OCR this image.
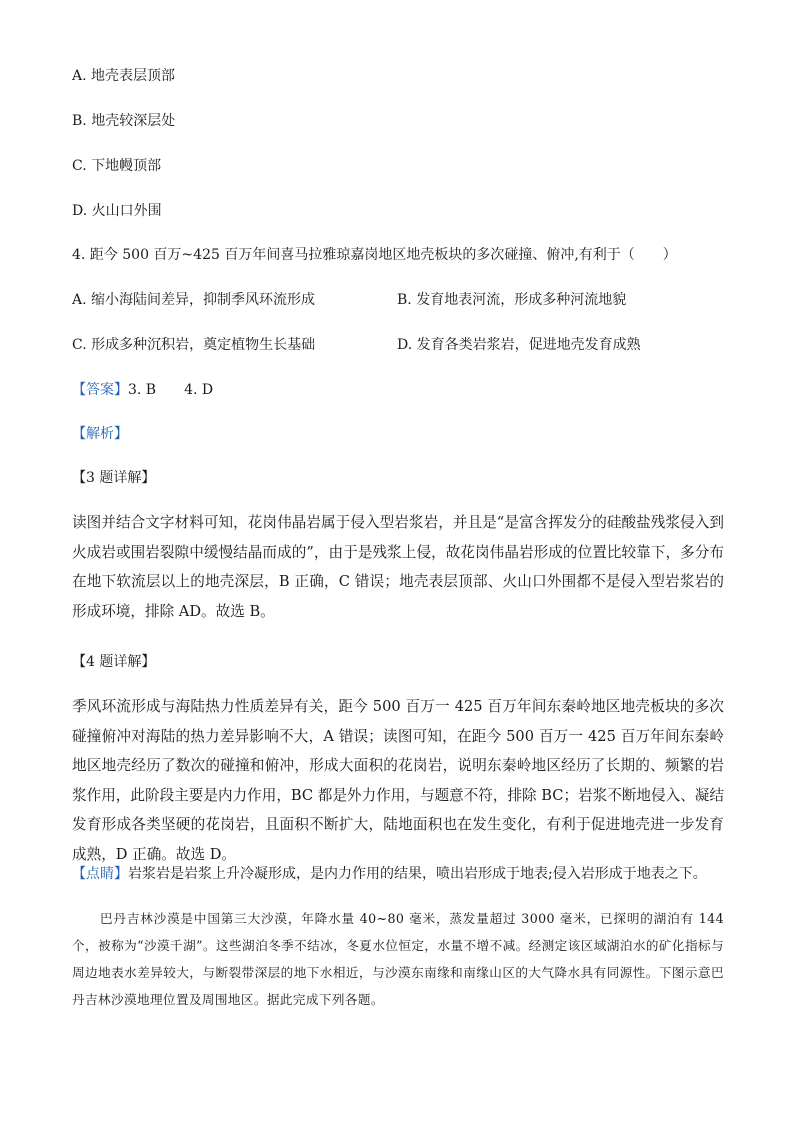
A. 地壳表层顶部
B. 地壳较深层处
C. 下地幔顶部
D. 火山口外围
4. 距今 500 百万~425 百万年间喜马拉雅琼嘉岗地区地壳板块的多次碰撞、俯冲,有利于（　　）
A. 缩小海陆间差异，抑制季风环流形成	B. 发育地表河流，形成多种河流地貌
C. 形成多种沉积岩，奠定植物生长基础	D. 发育各类岩浆岩，促进地壳发育成熟
【答案】3. B　　4. D
【解析】
【3 题详解】
读图并结合文字材料可知，花岗伟晶岩属于侵入型岩浆岩，并且是“是富含挥发分的硅酸盐残浆侵入到火成岩或围岩裂隙中缓慢结晶而成的”，由于是残浆上侵，故花岗伟晶岩形成的位置比较靠下，多分布在地下软流层以上的地壳深层，B 正确，C 错误；地壳表层顶部、火山口外围都不是侵入型岩浆岩的形成环境，排除 AD。故选 B。
【4 题详解】
季风环流形成与海陆热力性质差异有关，距今 500 百万一 425 百万年间东秦岭地区地壳板块的多次碰撞俯冲对海陆的热力差异影响不大，A 错误；读图可知，在距今 500 百万一 425 百万年间东秦岭地区地壳经历了数次的碰撞和俯冲，形成大面积的花岗岩，说明东秦岭地区经历了长期的、频繁的岩浆作用，此阶段主要是内力作用，BC 都是外力作用，与题意不符，排除 BC；岩浆不断地侵入、凝结发育形成各类坚硬的花岗岩，且面积不断扩大，陆地面积也在发生变化，有利于促进地壳进一步发育成熟，D 正确。故选 D。
【点睛】岩浆岩是岩浆上升冷凝形成，是内力作用的结果，喷出岩形成于地表;侵入岩形成于地表之下。
巴丹吉林沙漠是中国第三大沙漠，年降水量 40~80 毫米，蒸发量超过 3000 毫米，已探明的湖泊有 144 个，被称为“沙漠千湖”。这些湖泊冬季不结冰，冬夏水位恒定，水量不增不减。经测定该区域湖泊水的矿化指标与周边地表水差异较大，与断裂带深层的地下水相近，与沙漠东南缘和南缘山区的大气降水具有同源性。下图示意巴丹吉林沙漠地理位置及周围地区。据此完成下列各题。
